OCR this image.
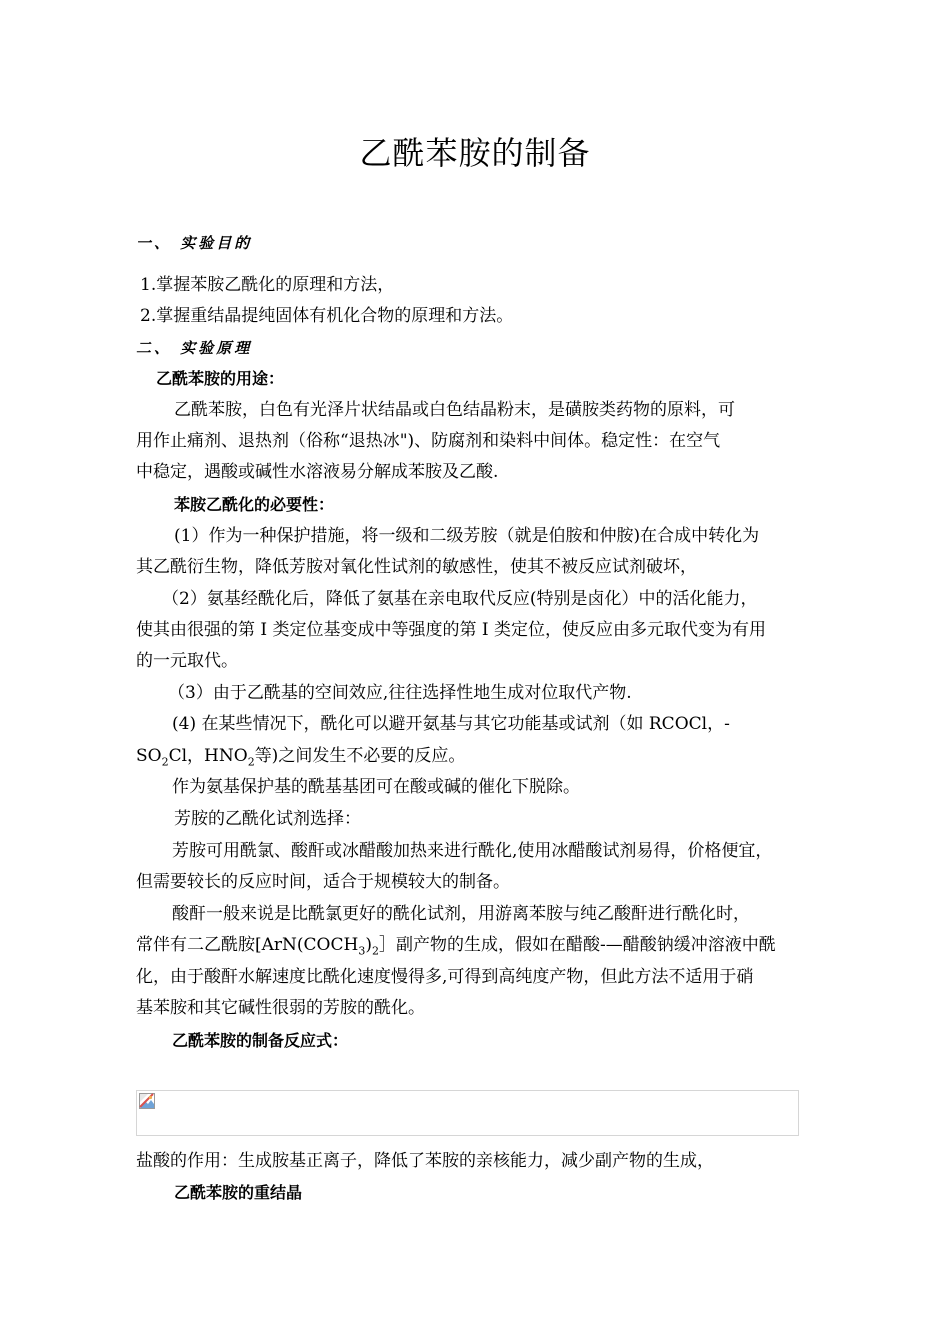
乙酰苯胺的制备
一、 实验目的
1.掌握苯胺乙酰化的原理和方法，
2.掌握重结晶提纯固体有机化合物的原理和方法。
二、 实验原理
乙酰苯胺的用途：
乙酰苯胺，白色有光泽片状结晶或白色结晶粉末，是磺胺类药物的原料，可
用作止痛剂、退热剂（俗称“退热冰")、防腐剂和染料中间体。稳定性：在空气
中稳定，遇酸或碱性水溶液易分解成苯胺及乙酸.
苯胺乙酰化的必要性：
(1）作为一种保护措施，将一级和二级芳胺（就是伯胺和仲胺)在合成中转化为
其乙酰衍生物，降低芳胺对氧化性试剂的敏感性，使其不被反应试剂破坏，
（2）氨基经酰化后，降低了氨基在亲电取代反应(特别是卤化）中的活化能力，
使其由很强的第 I 类定位基变成中等强度的第 I 类定位，使反应由多元取代变为有用
的一元取代。
（3）由于乙酰基的空间效应,往往选择性地生成对位取代产物.
(4) 在某些情况下，酰化可以避开氨基与其它功能基或试剂（如 RCOCl，-
$SO_2Cl$，$HNO_2$等)之间发生不必要的反应。
作为氨基保护基的酰基基团可在酸或碱的催化下脱除。
芳胺的乙酰化试剂选择：
芳胺可用酰氯、酸酐或冰醋酸加热来进行酰化,使用冰醋酸试剂易得，价格便宜，
但需要较长的反应时间，适合于规模较大的制备。
酸酐一般来说是比酰氯更好的酰化试剂，用游离苯胺与纯乙酸酐进行酰化时，
常伴有二乙酰胺[$ArN(COCH_3)_2]$副产物的生成，假如在醋酸-—醋酸钠缓冲溶液中酰
化，由于酸酐水解速度比酰化速度慢得多,可得到高纯度产物，但此方法不适用于硝
基苯胺和其它碱性很弱的芳胺的酰化。
乙酰苯胺的制备反应式：
盐酸的作用：生成胺基正离子，降低了苯胺的亲核能力，减少副产物的生成，
乙酰苯胺的重结晶
